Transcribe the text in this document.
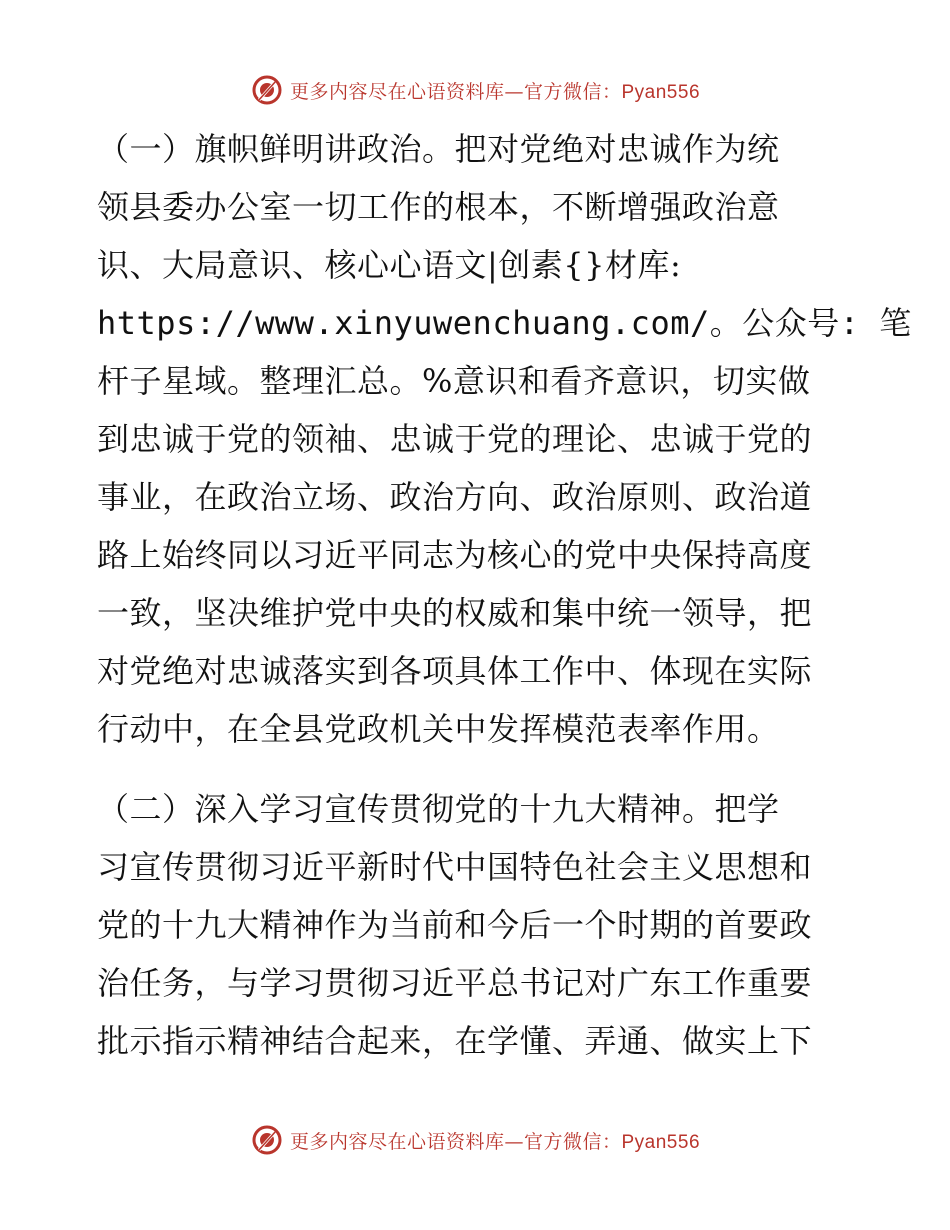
更多内容尽在心语资料库—官方微信：Pyan556
（一）旗帜鲜明讲政治。把对党绝对忠诚作为统
领县委办公室一切工作的根本，不断增强政治意
识、大局意识、核心心语文|创素{}材库:
https://www.xinyuwenchuang.com/。公众号: 笔
杆子星域。整理汇总。%意识和看齐意识，切实做
到忠诚于党的领袖、忠诚于党的理论、忠诚于党的
事业，在政治立场、政治方向、政治原则、政治道
路上始终同以习近平同志为核心的党中央保持高度
一致，坚决维护党中央的权威和集中统一领导，把
对党绝对忠诚落实到各项具体工作中、体现在实际
行动中，在全县党政机关中发挥模范表率作用。
（二）深入学习宣传贯彻党的十九大精神。把学
习宣传贯彻习近平新时代中国特色社会主义思想和
党的十九大精神作为当前和今后一个时期的首要政
治任务，与学习贯彻习近平总书记对广东工作重要
批示指示精神结合起来，在学懂、弄通、做实上下
更多内容尽在心语资料库—官方微信：Pyan556
